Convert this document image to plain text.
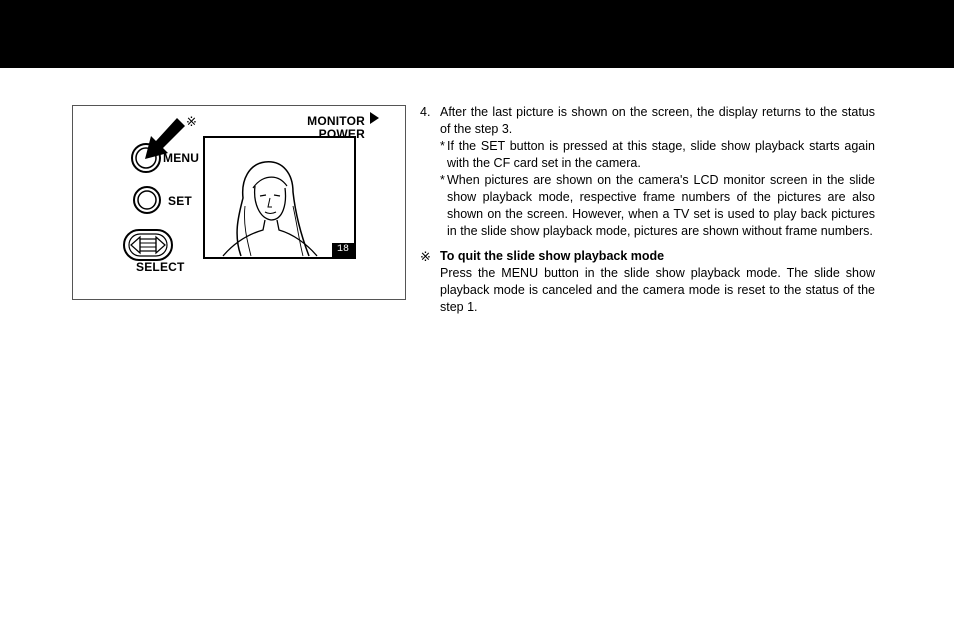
※	MONITOR
POWER
MENU
SET
SELECT
18
4. After the last picture is shown on the screen, the display returns to the status of the step 3.
* If the SET button is pressed at this stage, slide show playback starts again with the CF card set in the camera.
* When pictures are shown on the camera's LCD monitor screen in the slide show playback mode, respective frame numbers of the pictures are also shown on the screen. However, when a TV set is used to play back pictures in the slide show playback mode, pictures are shown without frame numbers.
※ To quit the slide show playback mode
Press the MENU button in the slide show playback mode. The slide show playback mode is canceled and the camera mode is reset to the status of the step 1.
